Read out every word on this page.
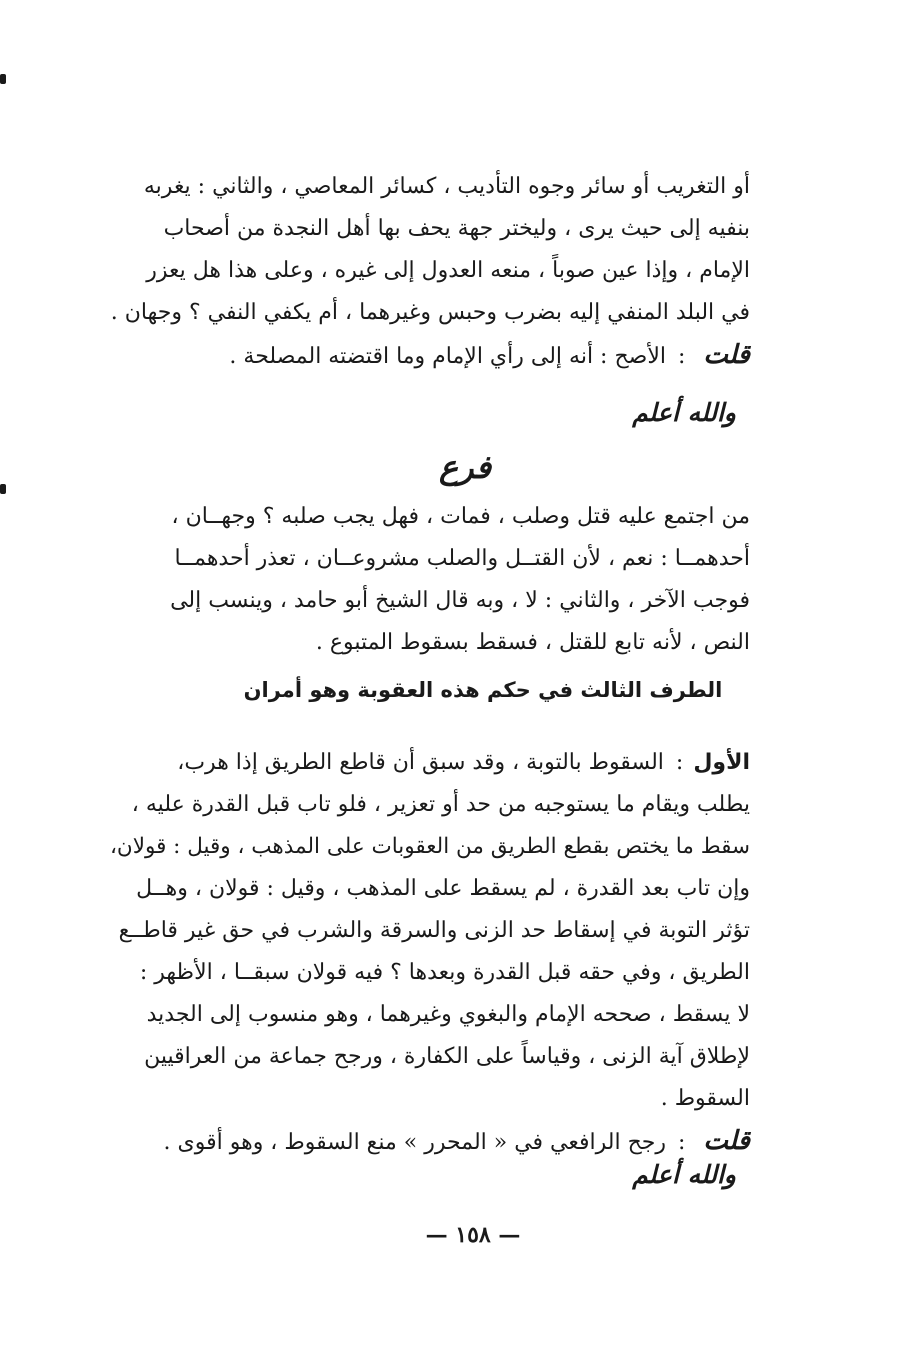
أو التغريب أو سائر وجوه التأديب ، كسائر المعاصي ، والثاني : يغربه
بنفيه إلى حيث يرى ، وليختر جهة يحف بها أهل النجدة من أصحاب
الإمام ، وإذا عين صوباً ، منعه العدول إلى غيره ، وعلى هذا هل يعزر
في البلد المنفي إليه بضرب وحبس وغيرهما ، أم يكفي النفي ؟ وجهان .
قلت
:
الأصح : أنه إلى رأي الإمام وما اقتضته المصلحة .
والله أعلم
فرع
من اجتمع عليه قتل وصلب ، فمات ، فهل يجب صلبه ؟ وجهــان ،
أحدهمــا : نعم ، لأن القتــل والصلب مشروعــان ، تعذر أحدهمــا
فوجب الآخر ، والثاني : لا ، وبه قال الشيخ أبو حامد ، وينسب إلى
النص ، لأنه تابع للقتل ، فسقط بسقوط المتبوع .
الطرف الثالث في حكم هذه العقوبة وهو أمران
الأول
:
السقوط بالتوبة ، وقد سبق أن قاطع الطريق إذا هرب،
يطلب ويقام ما يستوجبه من حد أو تعزير ، فلو تاب قبل القدرة عليه ،
سقط ما يختص بقطع الطريق من العقوبات على المذهب ، وقيل : قولان،
وإن تاب بعد القدرة ، لم يسقط على المذهب ، وقيل : قولان ، وهــل
تؤثر التوبة في إسقاط حد الزنى والسرقة والشرب في حق غير قاطــع
الطريق ، وفي حقه قبل القدرة وبعدها ؟ فيه قولان سبقــا ، الأظهر :
لا يسقط ، صححه الإمام والبغوي وغيرهما ، وهو منسوب إلى الجديد
لإطلاق آية الزنى ، وقياساً على الكفارة ، ورجح جماعة من العراقيين
السقوط .
قلت
:
رجح الرافعي في « المحرر » منع السقوط ، وهو أقوى .
والله أعلم
— ١٥٨ —
